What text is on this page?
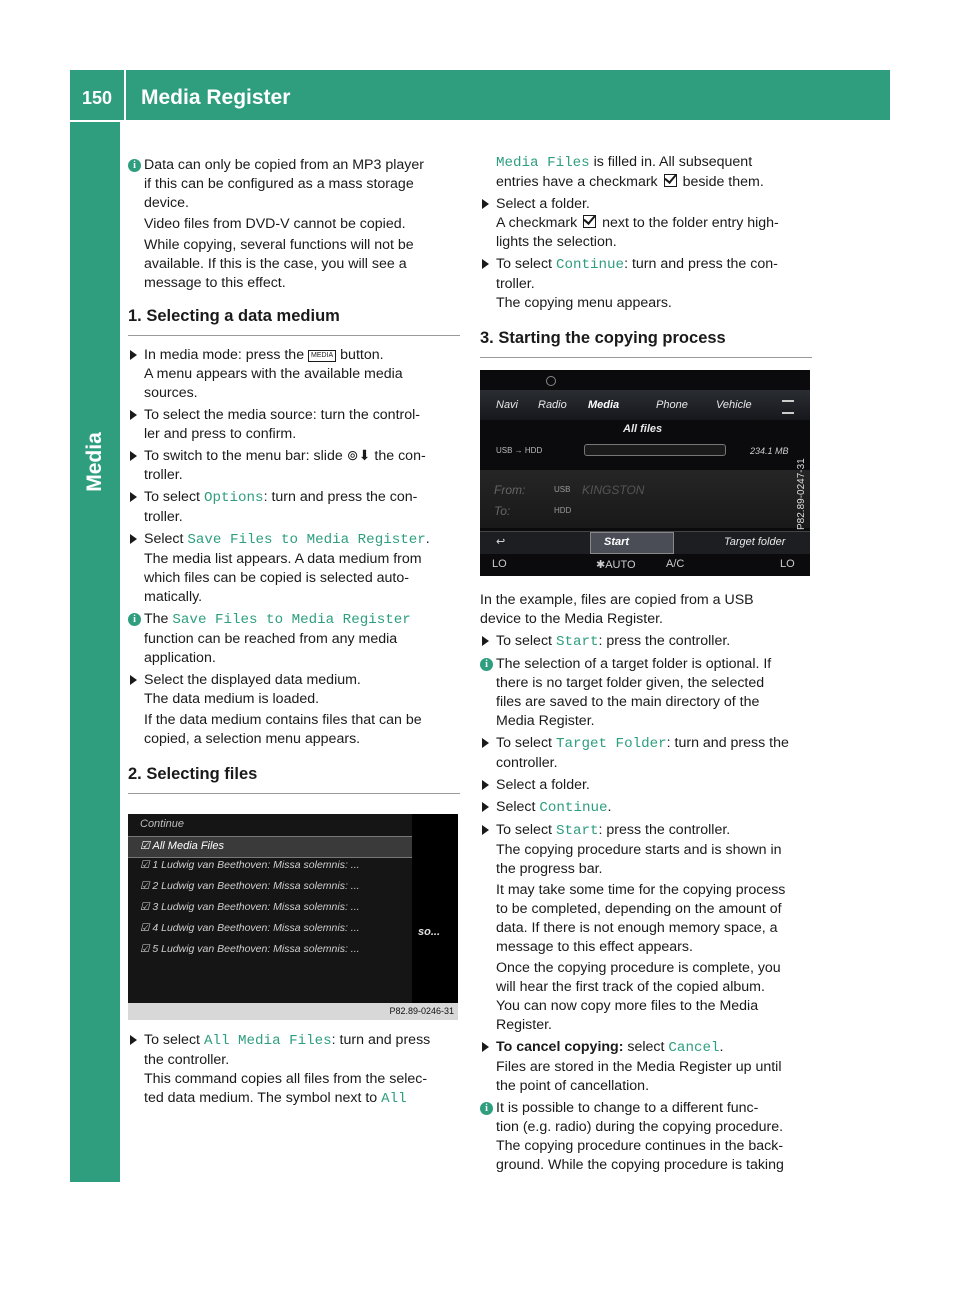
150 Media Register
Media
i Data can only be copied from an MP3 player

if this can be configured as a mass storage

device.

Video files from DVD-V cannot be copied.

While copying, several functions will not be

available. If this is the case, you will see a

message to this effect.

1. Selecting a data medium

In media mode: press the MEDIA button.

A menu appears with the available media

sources.

To select the media source: turn the control-

ler and press to confirm.

To switch to the menu bar: slide ⊚⬇ the con-

troller.

To select Options: turn and press the con-

troller.

Select Save Files to Media Register.

The media list appears. A data medium from

which files can be copied is selected auto-

matically.

i The Save Files to Media Register

function can be reached from any media

application.

Select the displayed data medium.

The data medium is loaded.

If the data medium contains files that can be

copied, a selection menu appears.

2. Selecting files
Continue
☑ All Media Files
☑ 1 Ludwig van Beethoven: Missa solemnis: ...
☑ 2 Ludwig van Beethoven: Missa solemnis: ...
☑ 3 Ludwig van Beethoven: Missa solemnis: ...
☑ 4 Ludwig van Beethoven: Missa solemnis: ...
☑ 5 Ludwig van Beethoven: Missa solemnis: ...
so...
P82.89-0246-31

To select All Media Files: turn and press

the controller.

This command copies all files from the selec-

ted data medium. The symbol next to All

Media Files is filled in. All subsequent

entries have a checkmark beside them.

Select a folder.

A checkmark next to the folder entry high-

lights the selection.

To select Continue: turn and press the con-

troller.

The copying menu appears.

3. Starting the copying process
Navi Radio Media	Phone	Vehicle
All files
USB → HDD	234.1 MB
From:	USB KINGSTON
To:	HDD
↩	Start	Target folder
LO	✱AUTO	A/C	LO
P82.89-0247-31

In the example, files are copied from a USB

device to the Media Register.

To select Start: press the controller.

i The selection of a target folder is optional. If

there is no target folder given, the selected

files are saved to the main directory of the

Media Register.

To select Target Folder: turn and press the

controller.

Select a folder.

Select Continue.

To select Start: press the controller.

The copying procedure starts and is shown in

the progress bar.

It may take some time for the copying process

to be completed, depending on the amount of

data. If there is not enough memory space, a

message to this effect appears.

Once the copying procedure is complete, you

will hear the first track of the copied album.

You can now copy more files to the Media

Register.

To cancel copying: select Cancel.

Files are stored in the Media Register up until

the point of cancellation.

i It is possible to change to a different func-

tion (e.g. radio) during the copying procedure.

The copying procedure continues in the back-

ground. While the copying procedure is taking
